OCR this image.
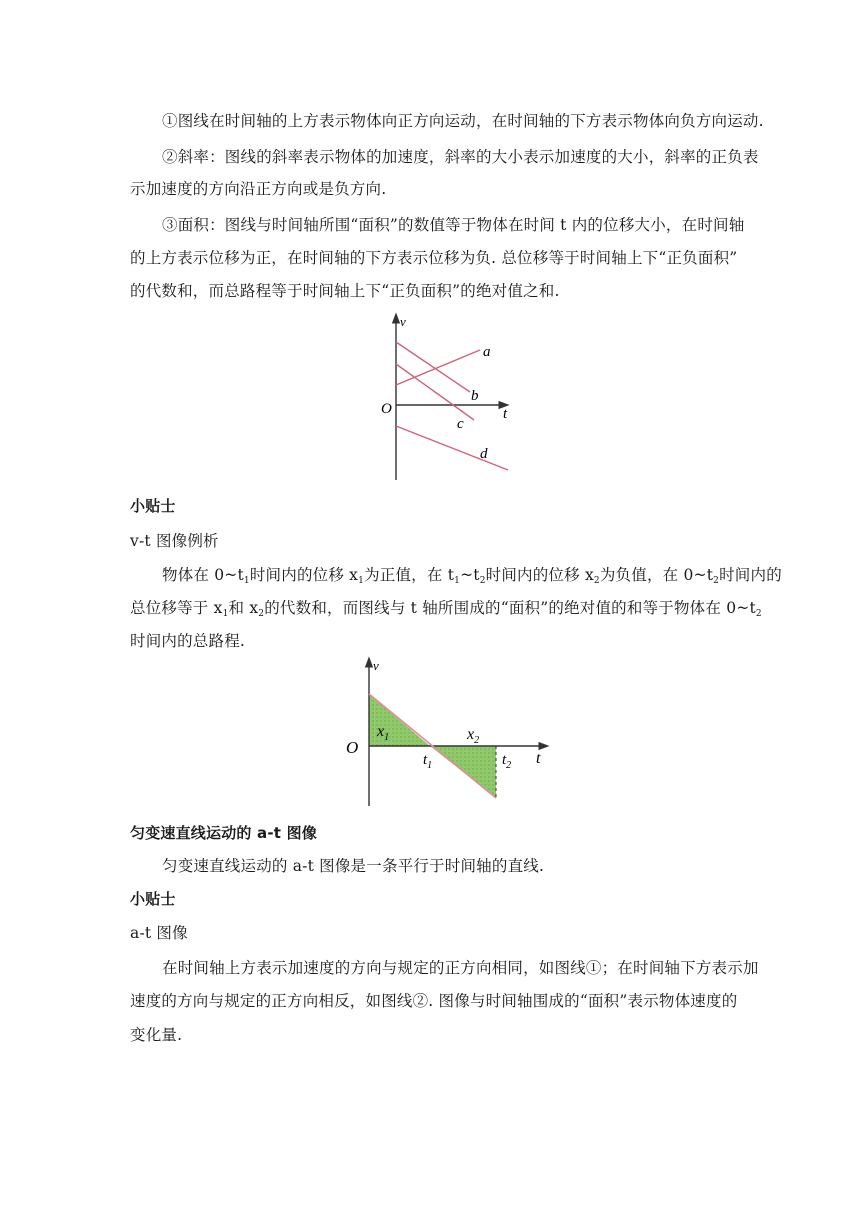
①图线在时间轴的上方表示物体向正方向运动，在时间轴的下方表示物体向负方向运动.
②斜率：图线的斜率表示物体的加速度，斜率的大小表示加速度的大小，斜率的正负表
示加速度的方向沿正方向或是负方向.
③面积：图线与时间轴所围“面积”的数值等于物体在时间 t 内的位移大小，在时间轴
的上方表示位移为正，在时间轴的下方表示位移为负. 总位移等于时间轴上下“正负面积”
的代数和，而总路程等于时间轴上下“正负面积”的绝对值之和.
v
t
O
a
b
c
d
小贴士
v-t 图像例析
物体在 $0\sim t_1$时间内的位移 $x_1$为正值，在 $t_1\sim t_2$时间内的位移 $x_2$为负值，在 $0\sim t_2$时间内的
总位移等于 $x_1$和 $x_2$的代数和，而图线与 t 轴所围成的“面积”的绝对值的和等于物体在 $0\sim t_2$
时间内的总路程.
v
t
O
$x_1$	$x_2$
$t_1$	$t_2$
匀变速直线运动的 a-t 图像
匀变速直线运动的 a-t 图像是一条平行于时间轴的直线.
小贴士
a-t 图像
在时间轴上方表示加速度的方向与规定的正方向相同，如图线①；在时间轴下方表示加
速度的方向与规定的正方向相反，如图线②. 图像与时间轴围成的“面积”表示物体速度的
变化量.
